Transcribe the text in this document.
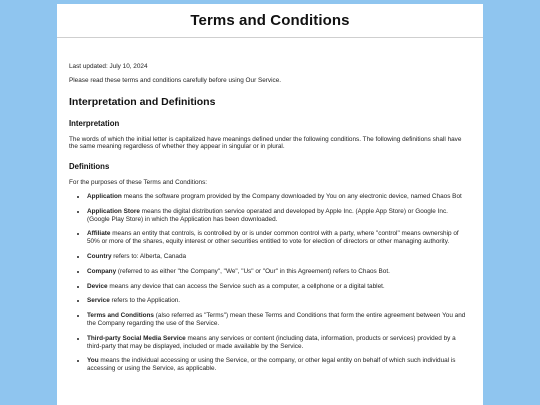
Terms and Conditions
Last updated: July 10, 2024
Please read these terms and conditions carefully before using Our Service.
Interpretation and Definitions
Interpretation
The words of which the initial letter is capitalized have meanings defined under the following conditions. The following definitions shall have the same meaning regardless of whether they appear in singular or in plural.
Definitions
For the purposes of these Terms and Conditions:
• Application means the software program provided by the Company downloaded by You on any electronic device, named Chaos Bot
• Application Store means the digital distribution service operated and developed by Apple Inc. (Apple App Store) or Google Inc. (Google Play Store) in which the Application has been downloaded.
• Affiliate means an entity that controls, is controlled by or is under common control with a party, where "control" means ownership of 50% or more of the shares, equity interest or other securities entitled to vote for election of directors or other managing authority.
• Country refers to: Alberta, Canada
• Company (referred to as either "the Company", "We", "Us" or "Our" in this Agreement) refers to Chaos Bot.
• Device means any device that can access the Service such as a computer, a cellphone or a digital tablet.
• Service refers to the Application.
• Terms and Conditions (also referred as "Terms") mean these Terms and Conditions that form the entire agreement between You and the Company regarding the use of the Service.
• Third-party Social Media Service means any services or content (including data, information, products or services) provided by a third-party that may be displayed, included or made available by the Service.
• You means the individual accessing or using the Service, or the company, or other legal entity on behalf of which such individual is accessing or using the Service, as applicable.
